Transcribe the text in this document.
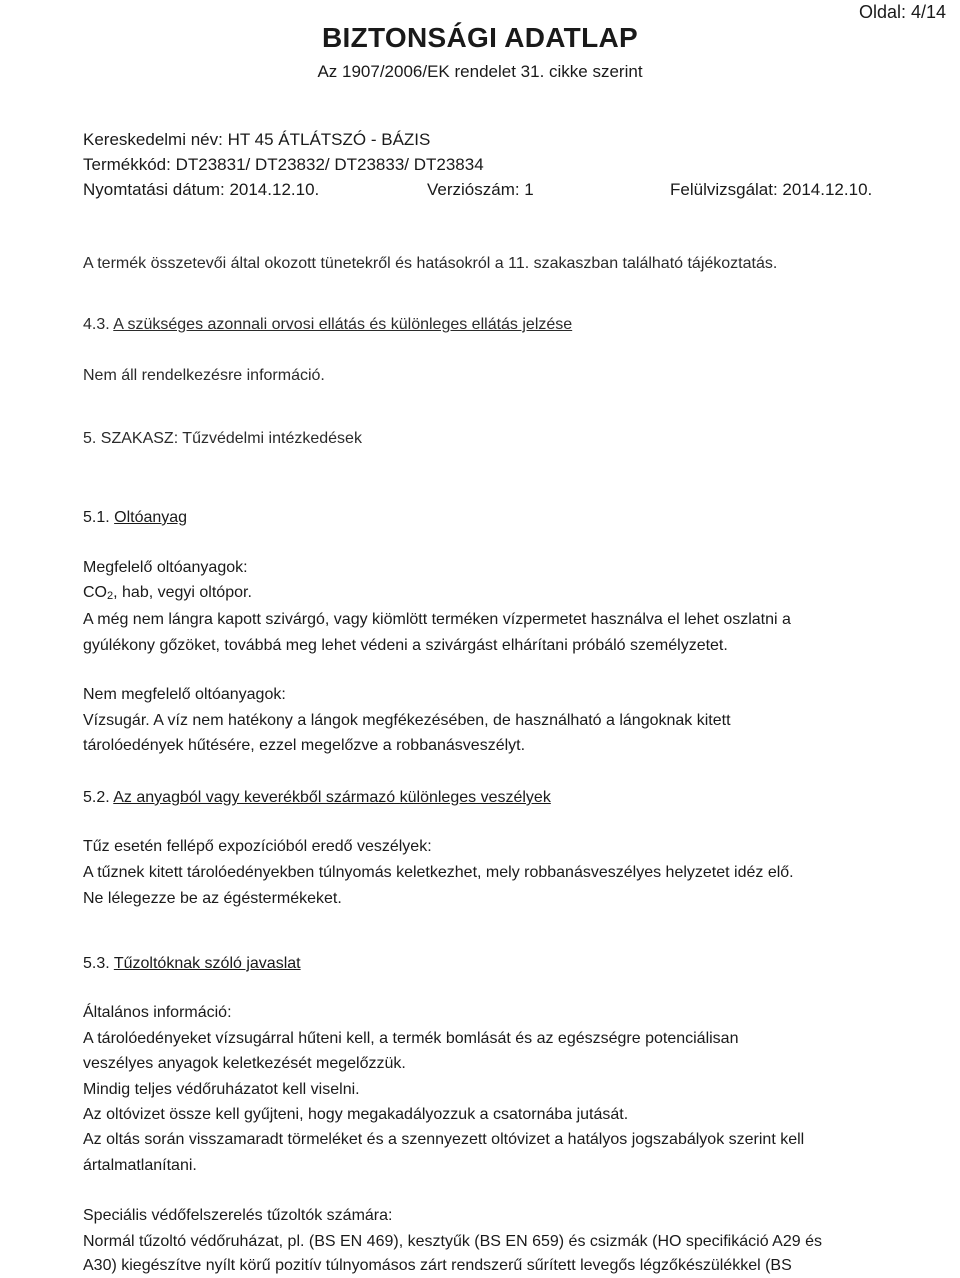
Oldal: 4/14
BIZTONSÁGI ADATLAP
Az 1907/2006/EK rendelet 31. cikke szerint
Kereskedelmi név: HT 45 ÁTLÁTSZÓ - BÁZIS
Termékkód: DT23831/ DT23832/ DT23833/ DT23834
Nyomtatási dátum: 2014.12.10.	Verziószám: 1	Felülvizsgálat: 2014.12.10.
A termék összetevői által okozott tünetekről és hatásokról a 11. szakaszban található tájékoztatás.
4.3. A szükséges azonnali orvosi ellátás és különleges ellátás jelzése
Nem áll rendelkezésre információ.
5. SZAKASZ: Tűzvédelmi intézkedések
5.1. Oltóanyag
Megfelelő oltóanyagok:
$CO_2$, hab, vegyi oltópor.
A még nem lángra kapott szivárgó, vagy kiömlött terméken vízpermetet használva el lehet oszlatni a
gyúlékony gőzöket, továbbá meg lehet védeni a szivárgást elhárítani próbáló személyzetet.
Nem megfelelő oltóanyagok:
Vízsugár. A víz nem hatékony a lángok megfékezésében, de használható a lángoknak kitett
tárolóedények hűtésére, ezzel megelőzve a robbanásveszélyt.
5.2. Az anyagból vagy keverékből származó különleges veszélyek
Tűz esetén fellépő expozícióból eredő veszélyek:
A tűznek kitett tárolóedényekben túlnyomás keletkezhet, mely robbanásveszélyes helyzetet idéz elő.
Ne lélegezze be az égéstermékeket.
5.3. Tűzoltóknak szóló javaslat
Általános információ:
A tárolóedényeket vízsugárral hűteni kell, a termék bomlását és az egészségre potenciálisan
veszélyes anyagok keletkezését megelőzzük.
Mindig teljes védőruházatot kell viselni.
Az oltóvizet össze kell gyűjteni, hogy megakadályozzuk a csatornába jutását.
Az oltás során visszamaradt törmeléket és a szennyezett oltóvizet a hatályos jogszabályok szerint kell
ártalmatlanítani.
Speciális védőfelszerelés tűzoltók számára:
Normál tűzoltó védőruházat, pl. (BS EN 469), kesztyűk (BS EN 659) és csizmák (HO specifikáció A29 és
A30) kiegészítve nyílt körű pozitív túlnyomásos zárt rendszerű sűrített levegős légzőkészülékkel (BS
